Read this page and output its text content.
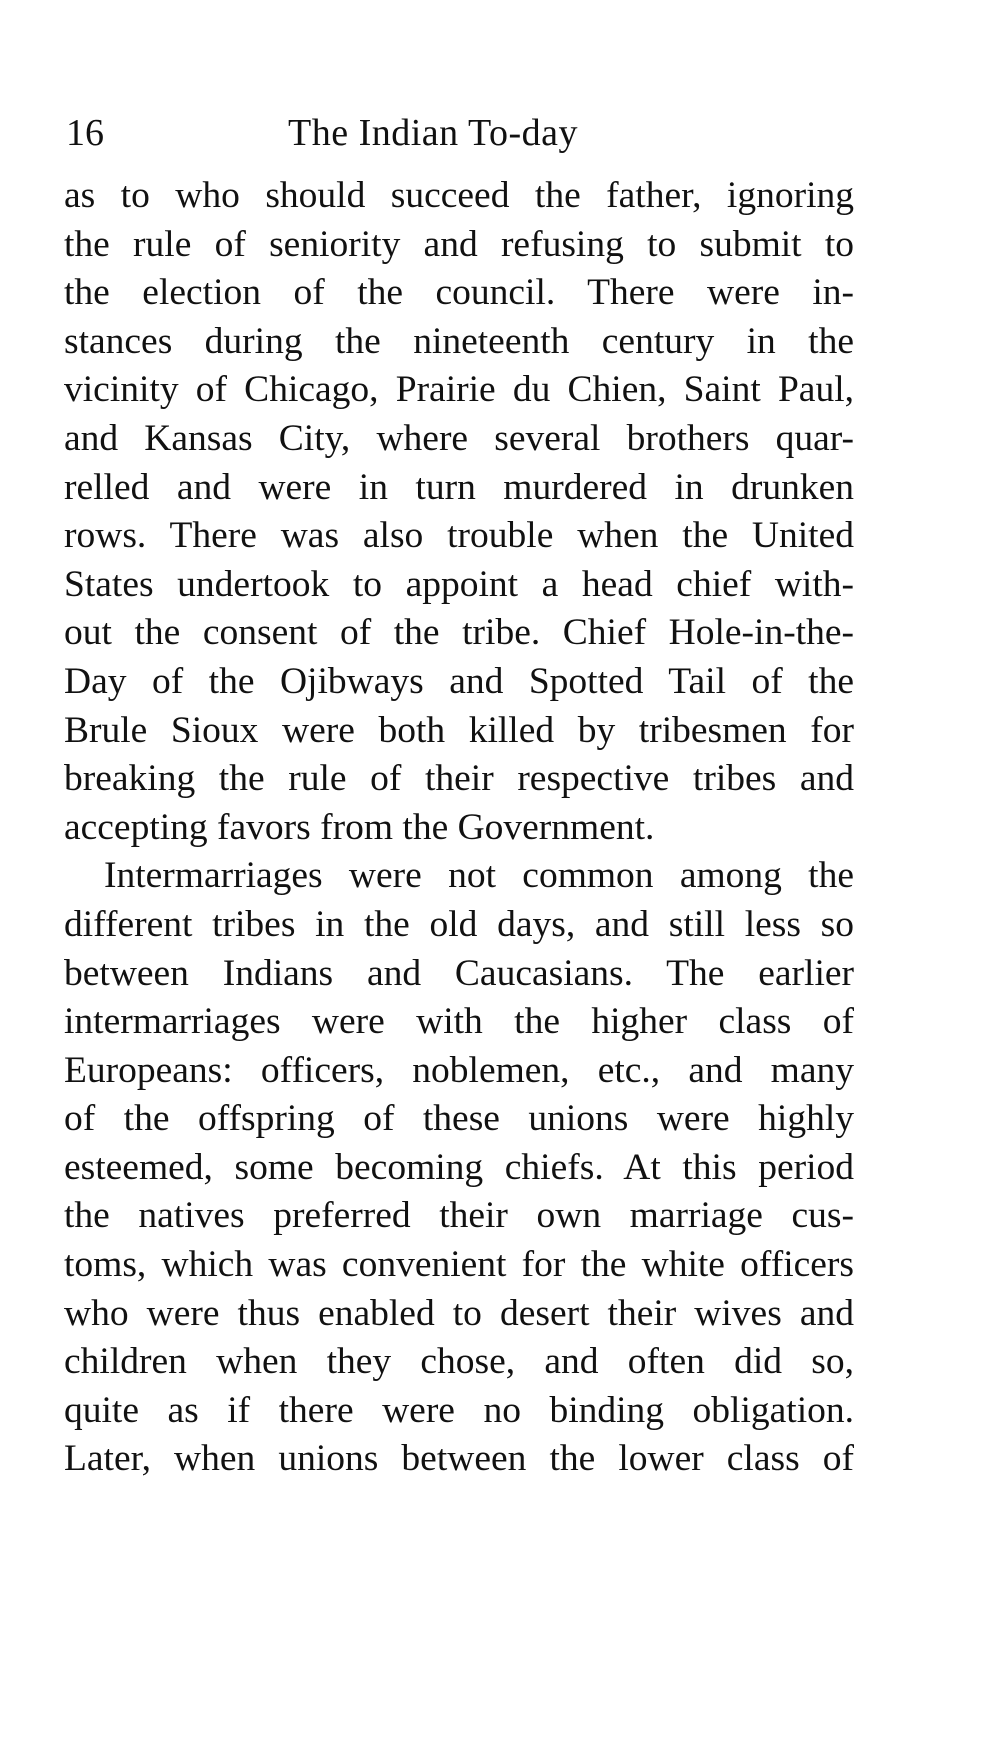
16	The Indian To-day
as to who should succeed the father, ignoring
the rule of seniority and refusing to submit to
the election of the council. There were in-
stances during the nineteenth century in the
vicinity of Chicago, Prairie du Chien, Saint Paul,
and Kansas City, where several brothers quar-
relled and were in turn murdered in drunken
rows. There was also trouble when the United
States undertook to appoint a head chief with-
out the consent of the tribe. Chief Hole-in-the-
Day of the Ojibways and Spotted Tail of the
Brule Sioux were both killed by tribesmen for
breaking the rule of their respective tribes and
accepting favors from the Government.
Intermarriages were not common among the
different tribes in the old days, and still less so
between Indians and Caucasians. The earlier
intermarriages were with the higher class of
Europeans: officers, noblemen, etc., and many
of the offspring of these unions were highly
esteemed, some becoming chiefs. At this period
the natives preferred their own marriage cus-
toms, which was convenient for the white officers
who were thus enabled to desert their wives and
children when they chose, and often did so,
quite as if there were no binding obligation.
Later, when unions between the lower class of
